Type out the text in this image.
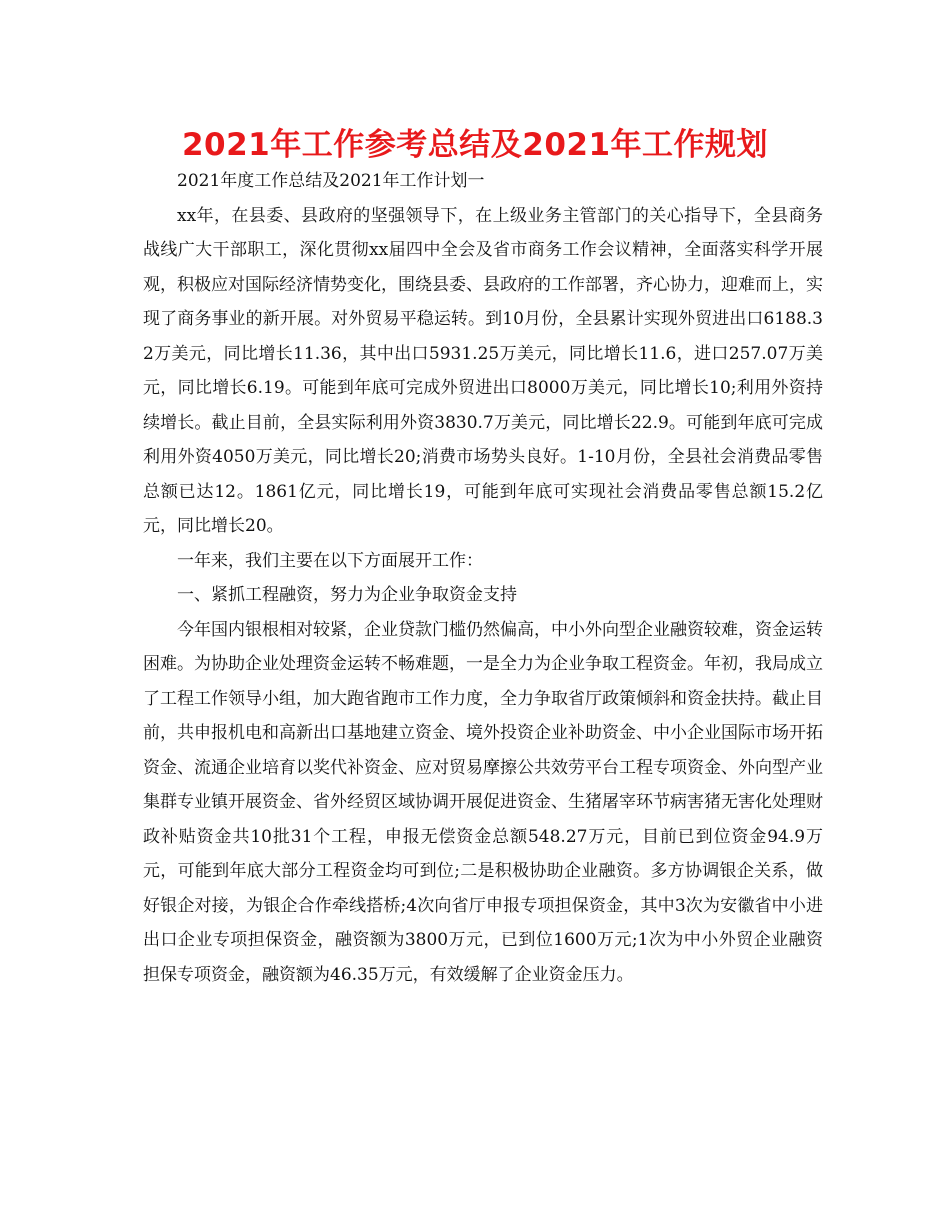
2021年工作参考总结及2021年工作规划

2021年度工作总结及2021年工作计划一

xx年，在县委、县政府的坚强领导下，在上级业务主管部门的关心指导下，全县商务战线广大干部职工，深化贯彻xx届四中全会及省市商务工作会议精神，全面落实科学开展观，积极应对国际经济情势变化，围绕县委、县政府的工作部署，齐心协力，迎难而上，实现了商务事业的新开展。对外贸易平稳运转。到10月份，全县累计实现外贸进出口6188.32万美元，同比增长11.36，其中出口5931.25万美元，同比增长11.6，进口257.07万美元，同比增长6.19。可能到年底可完成外贸进出口8000万美元，同比增长10;利用外资持续增长。截止目前，全县实际利用外资3830.7万美元，同比增长22.9。可能到年底可完成利用外资4050万美元，同比增长20;消费市场势头良好。1-10月份，全县社会消费品零售总额已达12。1861亿元，同比增长19，可能到年底可实现社会消费品零售总额15.2亿元，同比增长20。

一年来，我们主要在以下方面展开工作：

一、紧抓工程融资，努力为企业争取资金支持

今年国内银根相对较紧，企业贷款门槛仍然偏高，中小外向型企业融资较难，资金运转困难。为协助企业处理资金运转不畅难题，一是全力为企业争取工程资金。年初，我局成立了工程工作领导小组，加大跑省跑市工作力度，全力争取省厅政策倾斜和资金扶持。截止目前，共申报机电和高新出口基地建立资金、境外投资企业补助资金、中小企业国际市场开拓资金、流通企业培育以奖代补资金、应对贸易摩擦公共效劳平台工程专项资金、外向型产业集群专业镇开展资金、省外经贸区域协调开展促进资金、生猪屠宰环节病害猪无害化处理财政补贴资金共10批31个工程，申报无偿资金总额548.27万元，目前已到位资金94.9万元，可能到年底大部分工程资金均可到位;二是积极协助企业融资。多方协调银企关系，做好银企对接，为银企合作牵线搭桥;4次向省厅申报专项担保资金，其中3次为安徽省中小进出口企业专项担保资金，融资额为3800万元，已到位1600万元;1次为中小外贸企业融资担保专项资金，融资额为46.35万元，有效缓解了企业资金压力。
